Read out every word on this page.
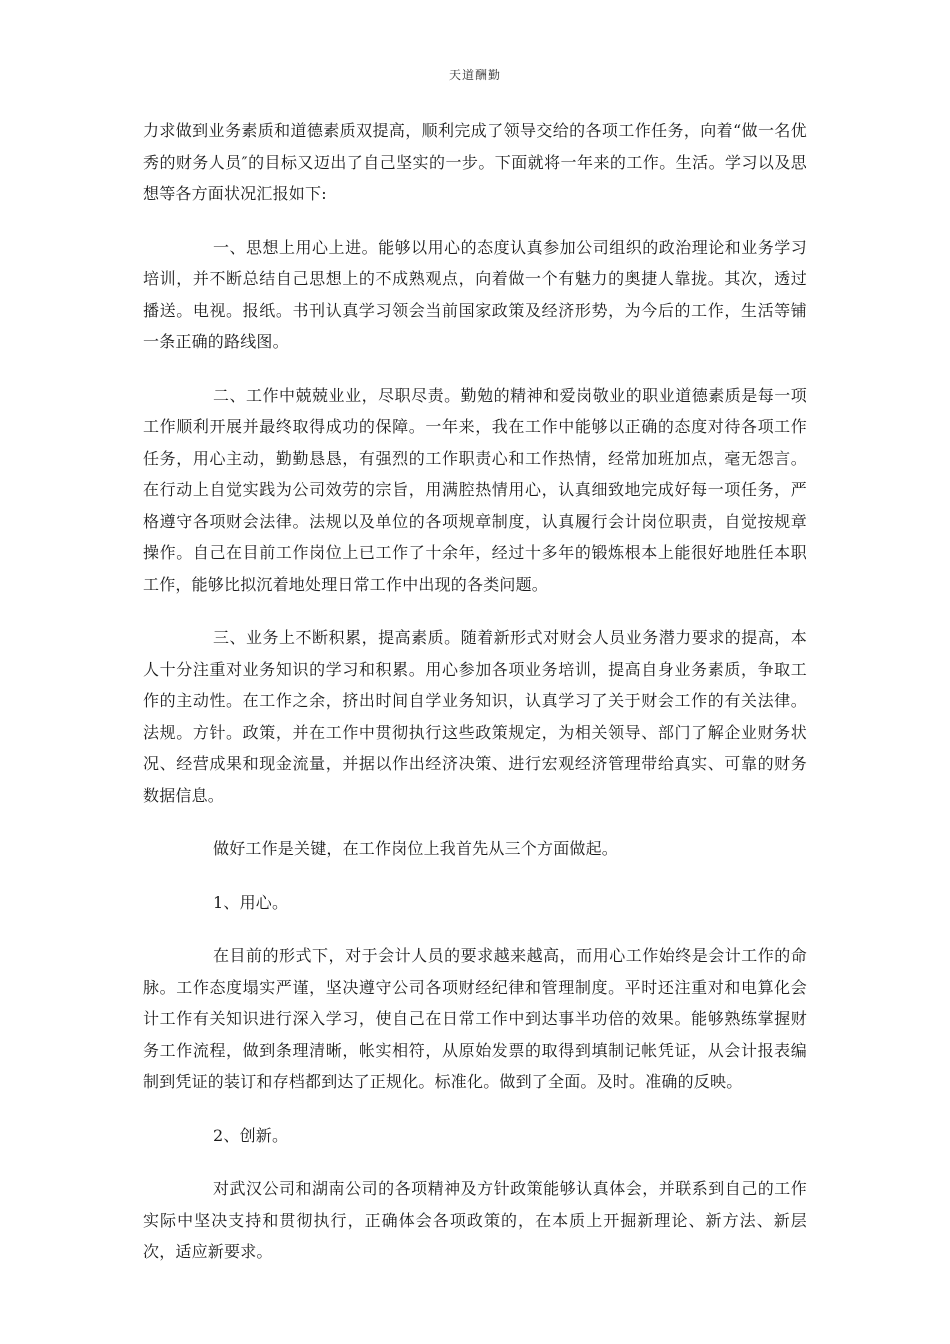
天道酬勤

力求做到业务素质和道德素质双提高，顺利完成了领导交给的各项工作任务，向着“做一名优秀的财务人员″的目标又迈出了自己坚实的一步。下面就将一年来的工作。生活。学习以及思想等各方面状况汇报如下:

一、思想上用心上进。能够以用心的态度认真参加公司组织的政治理论和业务学习培训，并不断总结自己思想上的不成熟观点，向着做一个有魅力的奥捷人靠拢。其次，透过播送。电视。报纸。书刊认真学习领会当前国家政策及经济形势，为今后的工作，生活等铺一条正确的路线图。

二、工作中兢兢业业，尽职尽责。勤勉的精神和爱岗敬业的职业道德素质是每一项工作顺利开展并最终取得成功的保障。一年来，我在工作中能够以正确的态度对待各项工作任务，用心主动，勤勤恳恳，有强烈的工作职责心和工作热情，经常加班加点，毫无怨言。在行动上自觉实践为公司效劳的宗旨，用满腔热情用心，认真细致地完成好每一项任务，严格遵守各项财会法律。法规以及单位的各项规章制度，认真履行会计岗位职责，自觉按规章操作。自己在目前工作岗位上已工作了十余年，经过十多年的锻炼根本上能很好地胜任本职工作，能够比拟沉着地处理日常工作中出现的各类问题。

三、业务上不断积累，提高素质。随着新形式对财会人员业务潜力要求的提高，本人十分注重对业务知识的学习和积累。用心参加各项业务培训，提高自身业务素质，争取工作的主动性。在工作之余，挤出时间自学业务知识，认真学习了关于财会工作的有关法律。法规。方针。政策，并在工作中贯彻执行这些政策规定，为相关领导、部门了解企业财务状况、经营成果和现金流量，并据以作出经济决策、进行宏观经济管理带给真实、可靠的财务数据信息。

做好工作是关键，在工作岗位上我首先从三个方面做起。

1、用心。

在目前的形式下，对于会计人员的要求越来越高，而用心工作始终是会计工作的命脉。工作态度塌实严谨，坚决遵守公司各项财经纪律和管理制度。平时还注重对和电算化会计工作有关知识进行深入学习，使自己在日常工作中到达事半功倍的效果。能够熟练掌握财务工作流程，做到条理清晰，帐实相符，从原始发票的取得到填制记帐凭证，从会计报表编制到凭证的装订和存档都到达了正规化。标准化。做到了全面。及时。准确的反映。

2、创新。

对武汉公司和湖南公司的各项精神及方针政策能够认真体会，并联系到自己的工作实际中坚决支持和贯彻执行，正确体会各项政策的，在本质上开掘新理论、新方法、新层次，适应新要求。
